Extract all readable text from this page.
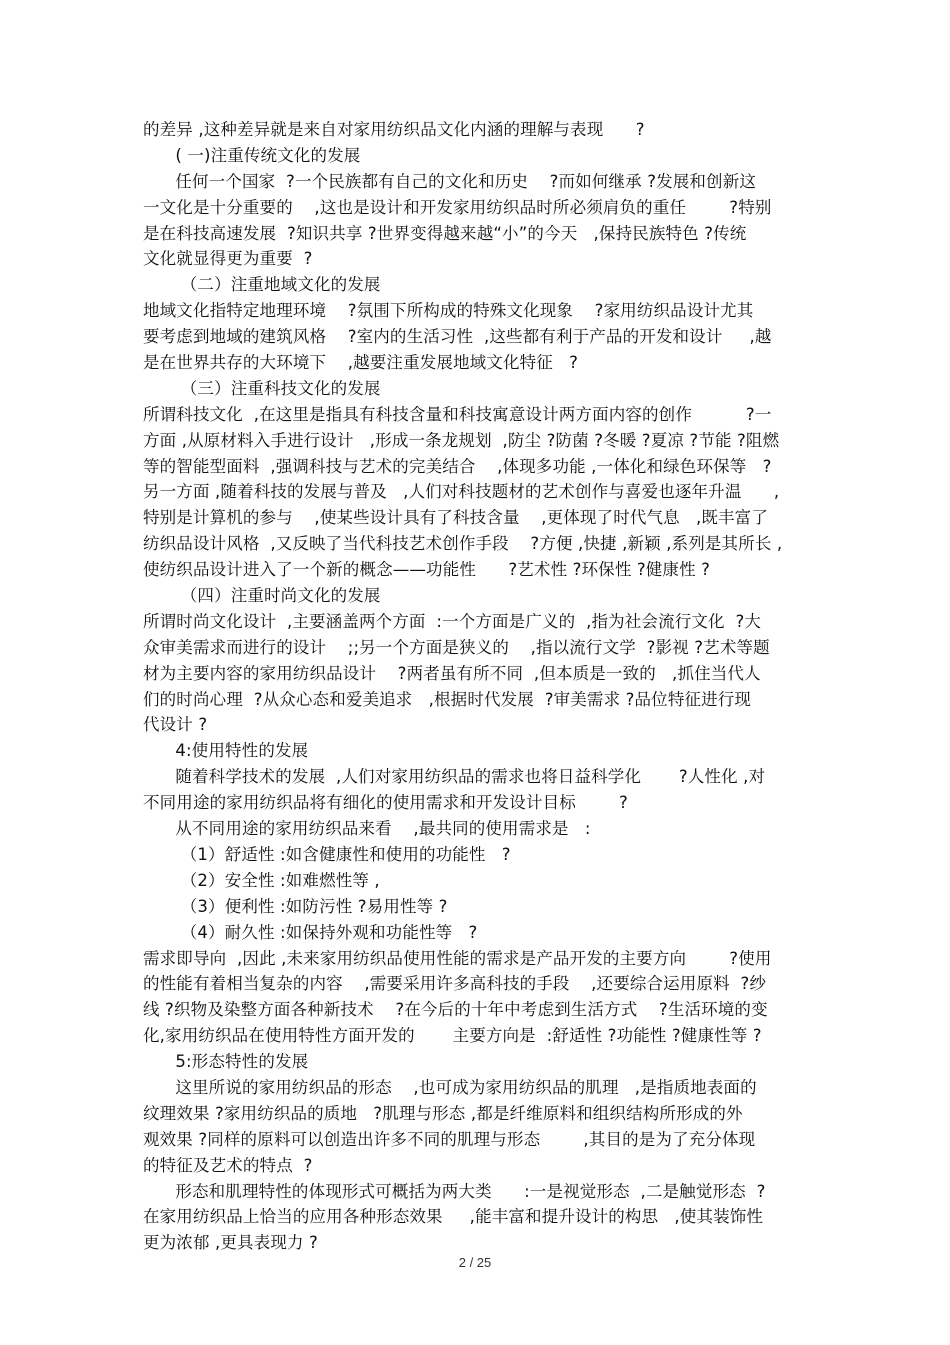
的差异 ,这种差异就是来自对家用纺织品文化内涵的理解与表现      ?
( 一)注重传统文化的发展
任何一个国家  ?一个民族都有自己的文化和历史    ?而如何继承 ?发展和创新这
一文化是十分重要的    ,这也是设计和开发家用纺织品时所必须肩负的重任        ?特别
是在科技高速发展  ?知识共享 ?世界变得越来越“小”的今天   ,保持民族特色 ?传统
文化就显得更为重要  ?
（二）注重地域文化的发展
地域文化指特定地理环境    ?氛围下所构成的特殊文化现象    ?家用纺织品设计尤其
要考虑到地域的建筑风格    ?室内的生活习性  ,这些都有利于产品的开发和设计     ,越
是在世界共存的大环境下    ,越要注重发展地域文化特征   ?
（三）注重科技文化的发展
所谓科技文化  ,在这里是指具有科技含量和科技寓意设计两方面内容的创作          ?一
方面 ,从原材料入手进行设计   ,形成一条龙规划  ,防尘 ?防菌 ?冬暖 ?夏凉 ?节能 ?阻燃
等的智能型面料  ,强调科技与艺术的完美结合    ,体现多功能 ,一体化和绿色环保等   ?
另一方面 ,随着科技的发展与普及   ,人们对科技题材的艺术创作与喜爱也逐年升温      ,
特别是计算机的参与    ,使某些设计具有了科技含量    ,更体现了时代气息   ,既丰富了
纺织品设计风格  ,又反映了当代科技艺术创作手段    ?方便 ,快捷 ,新颖 ,系列是其所长 ,
使纺织品设计进入了一个新的概念——功能性      ?艺术性 ?环保性 ?健康性 ?
（四）注重时尚文化的发展
所谓时尚文化设计  ,主要涵盖两个方面  :一个方面是广义的  ,指为社会流行文化  ?大
众审美需求而进行的设计    ;;另一个方面是狭义的    ,指以流行文学  ?影视 ?艺术等题
材为主要内容的家用纺织品设计    ?两者虽有所不同  ,但本质是一致的   ,抓住当代人
们的时尚心理  ?从众心态和爱美追求   ,根据时代发展  ?审美需求 ?品位特征进行现
代设计 ?
4:使用特性的发展
随着科学技术的发展  ,人们对家用纺织品的需求也将日益科学化       ?人性化 ,对
不同用途的家用纺织品将有细化的使用需求和开发设计目标        ?
从不同用途的家用纺织品来看    ,最共同的使用需求是   :
（1）舒适性 :如含健康性和使用的功能性   ?
（2）安全性 :如难燃性等 ,
（3）便利性 :如防污性 ?易用性等 ?
（4）耐久性 :如保持外观和功能性等   ?
需求即导向  ,因此 ,未来家用纺织品使用性能的需求是产品开发的主要方向        ?使用
的性能有着相当复杂的内容    ,需要采用许多高科技的手段    ,还要综合运用原料  ?纱
线 ?织物及染整方面各种新技术    ?在今后的十年中考虑到生活方式    ?生活环境的变
化,家用纺织品在使用特性方面开发的       主要方向是  :舒适性 ?功能性 ?健康性等 ?
5:形态特性的发展
这里所说的家用纺织品的形态    ,也可成为家用纺织品的肌理   ,是指质地表面的
纹理效果 ?家用纺织品的质地   ?肌理与形态 ,都是纤维原料和组织结构所形成的外
观效果 ?同样的原料可以创造出许多不同的肌理与形态        ,其目的是为了充分体现
的特征及艺术的特点  ?
形态和肌理特性的体现形式可概括为两大类      :一是视觉形态  ,二是触觉形态  ?
在家用纺织品上恰当的应用各种形态效果     ,能丰富和提升设计的构思   ,使其装饰性
更为浓郁 ,更具表现力 ?
2 / 25
